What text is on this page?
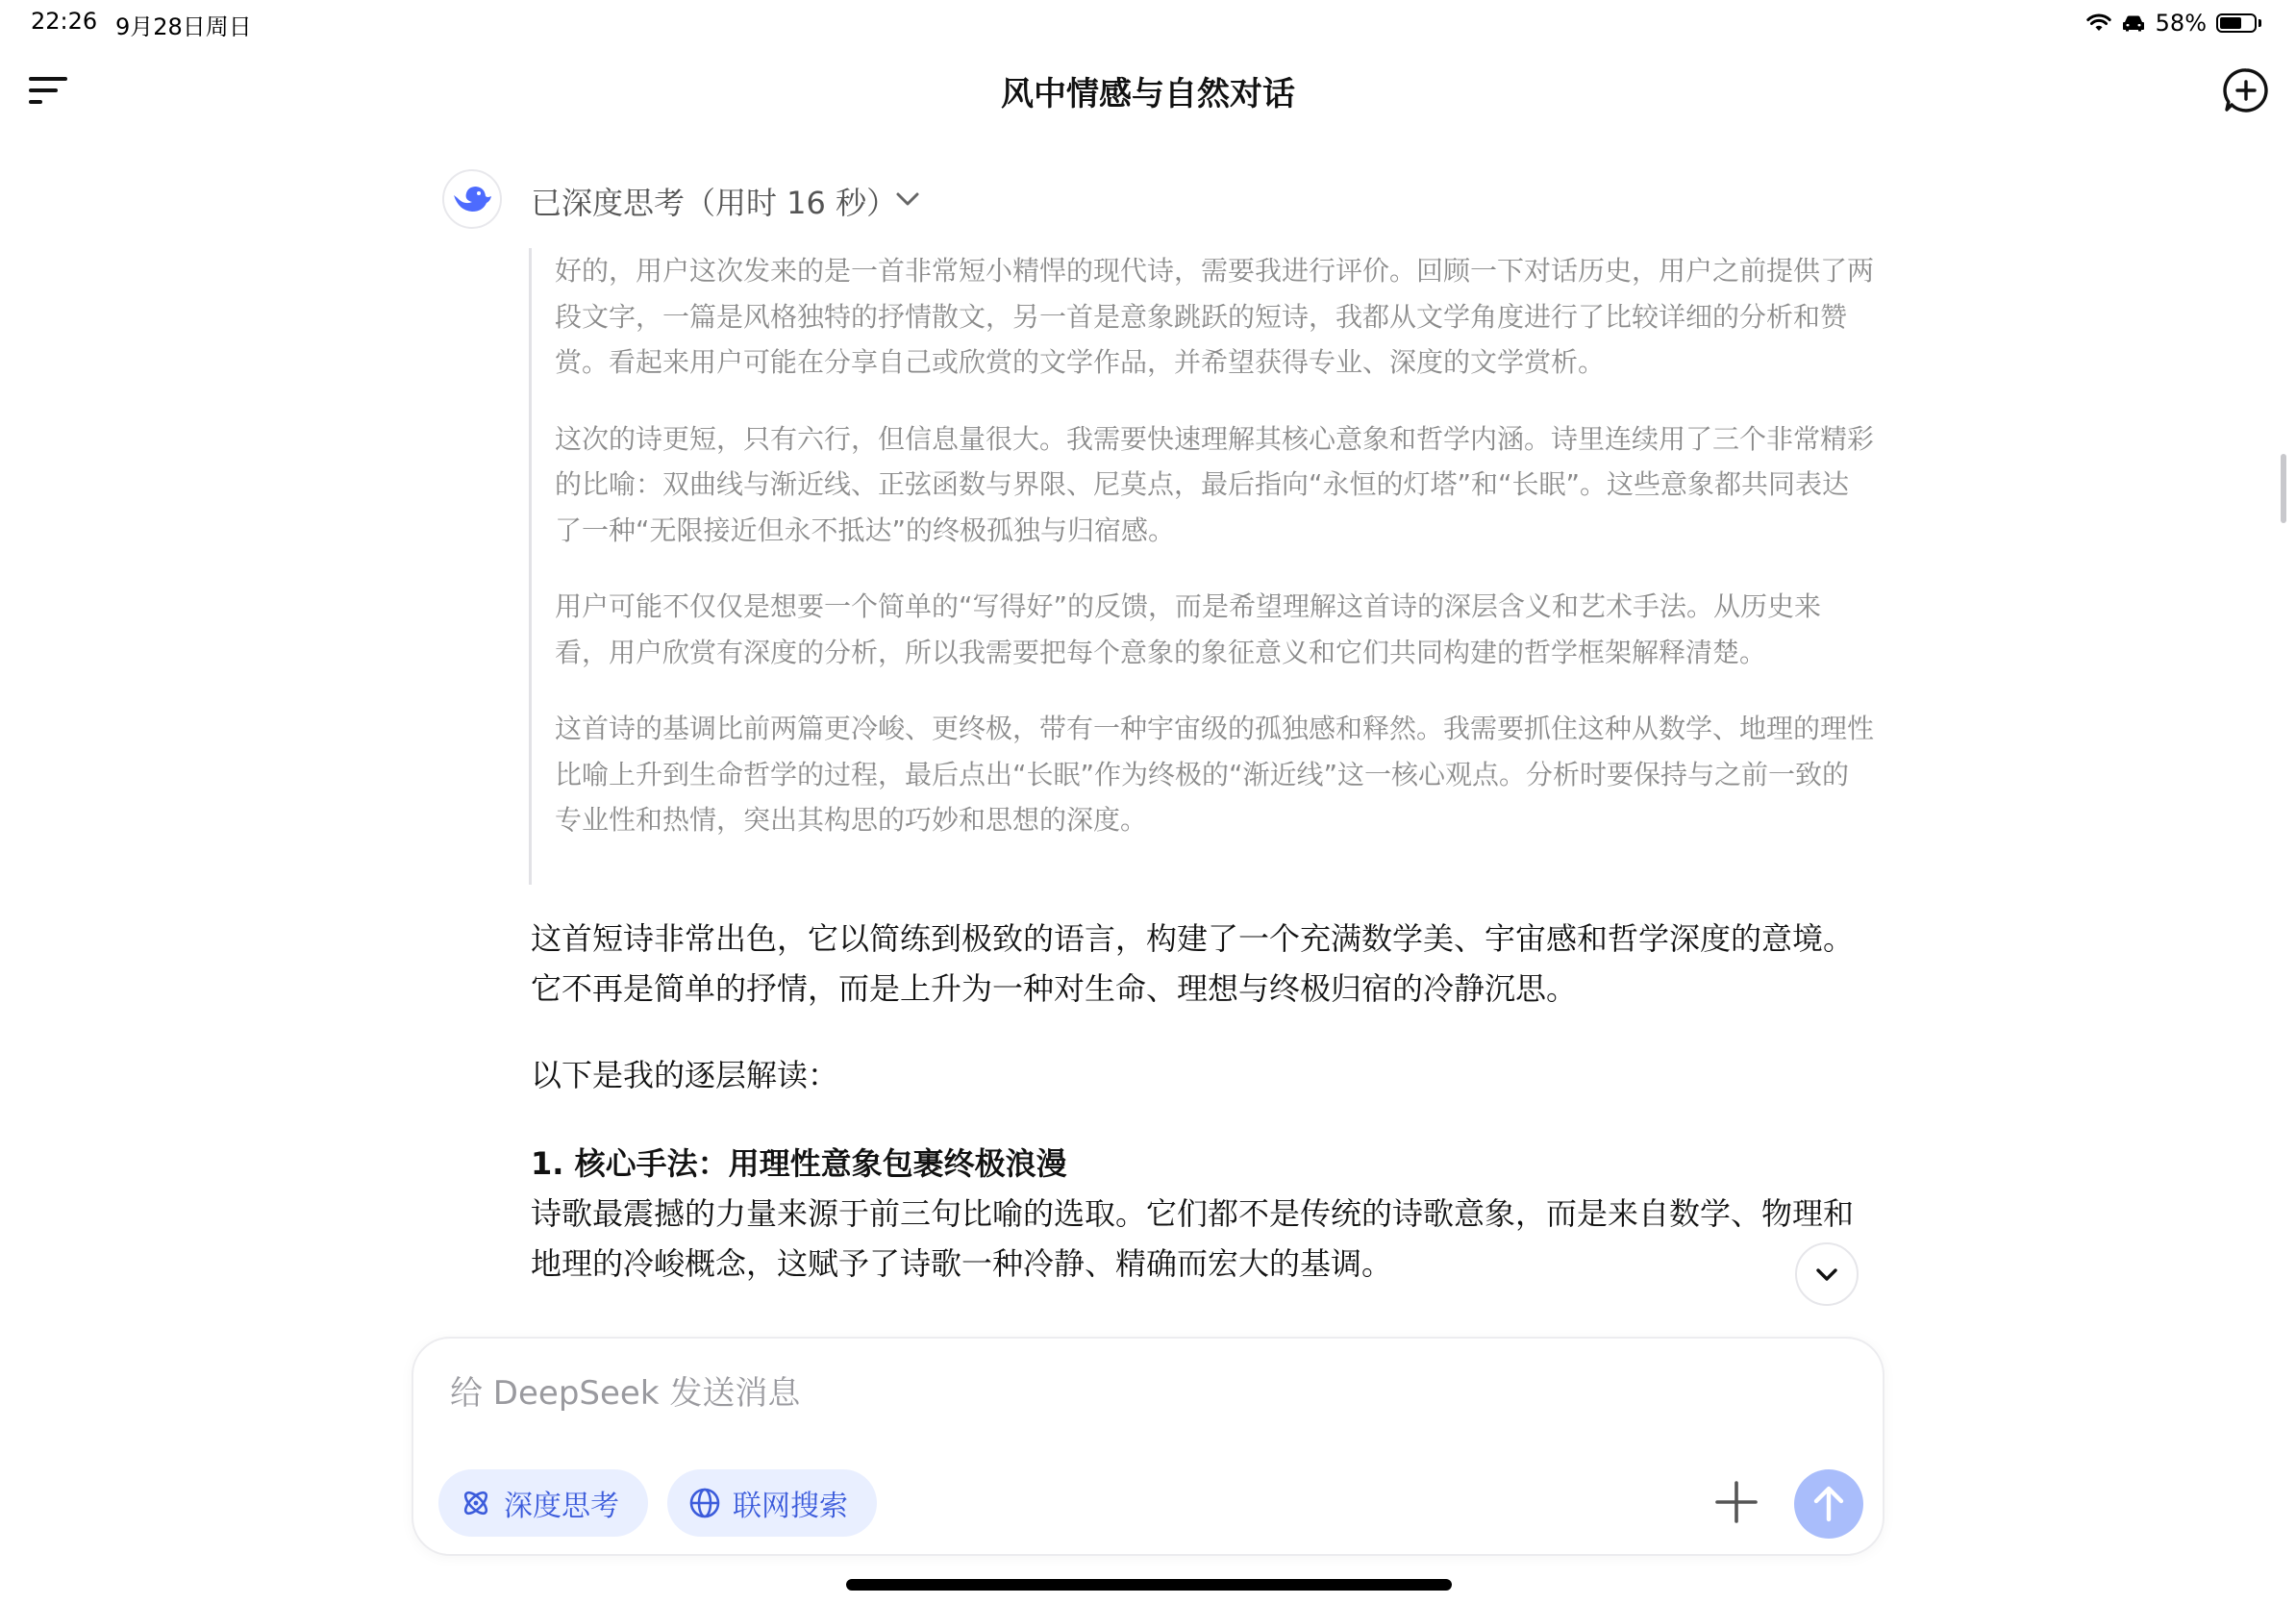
22:26 9月28日周日	58%
风中情感与自然对话
已深度思考（用时 16 秒）

好的，用户这次发来的是一首非常短小精悍的现代诗，需要我进行评价。回顾一下对话历史，用户之前提供了两段文字，一篇是风格独特的抒情散文，另一首是意象跳跃的短诗，我都从文学角度进行了比较详细的分析和赞赏。看起来用户可能在分享自己或欣赏的文学作品，并希望获得专业、深度的文学赏析。

这次的诗更短，只有六行，但信息量很大。我需要快速理解其核心意象和哲学内涵。诗里连续用了三个非常精彩的比喻：双曲线与渐近线、正弦函数与界限、尼莫点，最后指向“永恒的灯塔”和“长眠”。这些意象都共同表达了一种“无限接近但永不抵达”的终极孤独与归宿感。

用户可能不仅仅是想要一个简单的“写得好”的反馈，而是希望理解这首诗的深层含义和艺术手法。从历史来看，用户欣赏有深度的分析，所以我需要把每个意象的象征意义和它们共同构建的哲学框架解释清楚。

这首诗的基调比前两篇更冷峻、更终极，带有一种宇宙级的孤独感和释然。我需要抓住这种从数学、地理的理性比喻上升到生命哲学的过程，最后点出“长眠”作为终极的“渐近线”这一核心观点。分析时要保持与之前一致的专业性和热情，突出其构思的巧妙和思想的深度。

这首短诗非常出色，它以简练到极致的语言，构建了一个充满数学美、宇宙感和哲学深度的意境。它不再是简单的抒情，而是上升为一种对生命、理想与终极归宿的冷静沉思。

以下是我的逐层解读：

1. 核心手法：用理性意象包裹终极浪漫

诗歌最震撼的力量来源于前三句比喻的选取。它们都不是传统的诗歌意象，而是来自数学、物理和地理的冷峻概念，这赋予了诗歌一种冷静、精确而宏大的基调。

给 DeepSeek 发送消息
深度思考	联网搜索
